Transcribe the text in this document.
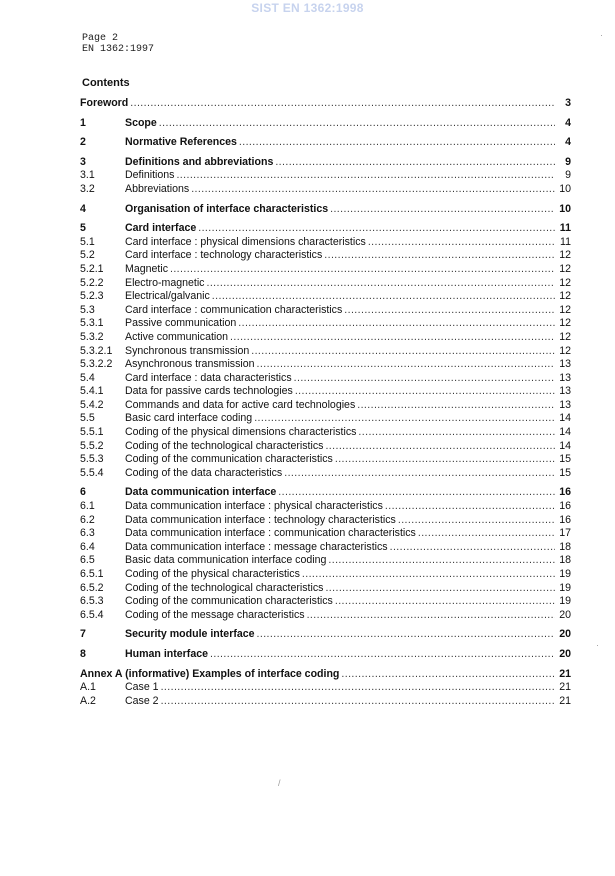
SIST EN 1362:1998
Page 2
EN 1362:1997
Contents
Foreword .....	3
1	Scope .....	4
2	Normative References .....	4
3	Definitions and abbreviations .....	9
3.1	Definitions .....	9
3.2	Abbreviations .....	10
4	Organisation of interface characteristics .....	10
5	Card interface .....	11
5.1	Card interface : physical dimensions characteristics .....	11
5.2	Card interface : technology characteristics .....	12
5.2.1	Magnetic .....	12
5.2.2	Electro-magnetic .....	12
5.2.3	Electrical/galvanic .....	12
5.3	Card interface : communication characteristics .....	12
5.3.1	Passive communication .....	12
5.3.2	Active communication .....	12
5.3.2.1	Synchronous transmission .....	12
5.3.2.2	Asynchronous transmission .....	13
5.4	Card interface : data characteristics .....	13
5.4.1	Data for passive cards technologies .....	13
5.4.2	Commands and data for active card technologies .....	13
5.5	Basic card interface coding .....	14
5.5.1	Coding of the physical dimensions characteristics .....	14
5.5.2	Coding of the technological characteristics .....	14
5.5.3	Coding of the communication characteristics .....	15
5.5.4	Coding of the data characteristics .....	15
6	Data communication interface .....	16
6.1	Data communication interface : physical characteristics .....	16
6.2	Data communication interface : technology characteristics .....	16
6.3	Data communication interface : communication characteristics .....	17
6.4	Data communication interface : message characteristics .....	18
6.5	Basic data communication interface coding .....	18
6.5.1	Coding of the physical characteristics .....	19
6.5.2	Coding of the technological characteristics .....	19
6.5.3	Coding of the communication characteristics .....	19
6.5.4	Coding of the message characteristics .....	20
7	Security module interface .....	20
8	Human interface .....	20
Annex A (informative) Examples of interface coding .....	21
A.1	Case 1 .....	21
A.2	Case 2 .....	21
·
·
/
